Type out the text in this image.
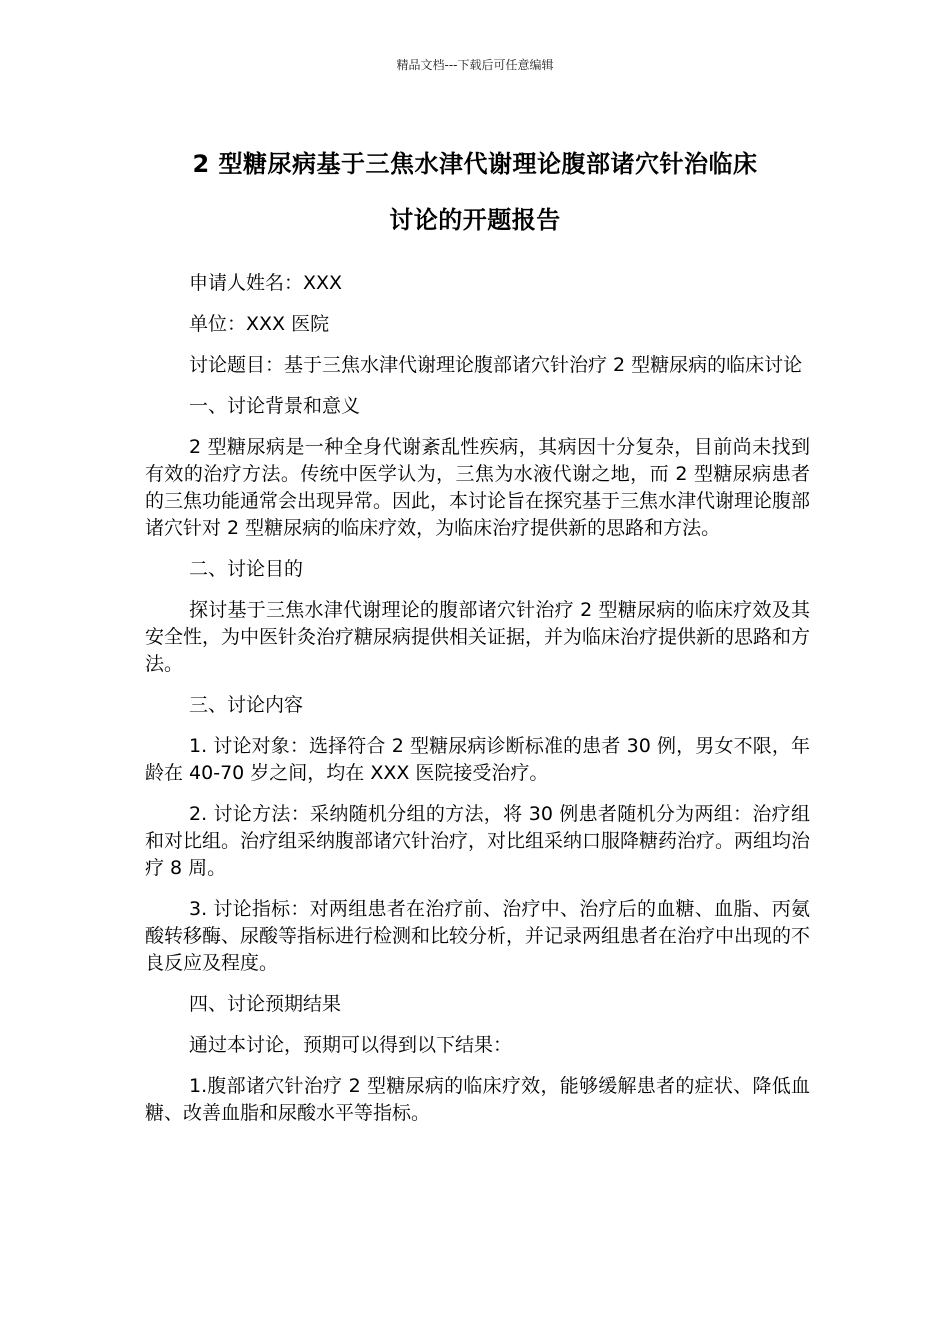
精品文档---下载后可任意编辑
2 型糖尿病基于三焦水津代谢理论腹部诸穴针治临床
讨论的开题报告

申请人姓名：XXX

单位：XXX 医院

讨论题目：基于三焦水津代谢理论腹部诸穴针治疗 2 型糖尿病的临床讨论

一、讨论背景和意义

2 型糖尿病是一种全身代谢紊乱性疾病，其病因十分复杂，目前尚未找到有效的治疗方法。传统中医学认为，三焦为水液代谢之地，而 2 型糖尿病患者的三焦功能通常会出现异常。因此，本讨论旨在探究基于三焦水津代谢理论腹部诸穴针对 2 型糖尿病的临床疗效，为临床治疗提供新的思路和方法。

二、讨论目的

探讨基于三焦水津代谢理论的腹部诸穴针治疗 2 型糖尿病的临床疗效及其安全性，为中医针灸治疗糖尿病提供相关证据，并为临床治疗提供新的思路和方法。

三、讨论内容

1. 讨论对象：选择符合 2 型糖尿病诊断标准的患者 30 例，男女不限，年龄在 40-70 岁之间，均在 XXX 医院接受治疗。

2. 讨论方法：采纳随机分组的方法，将 30 例患者随机分为两组：治疗组和对比组。治疗组采纳腹部诸穴针治疗，对比组采纳口服降糖药治疗。两组均治疗 8 周。

3. 讨论指标：对两组患者在治疗前、治疗中、治疗后的血糖、血脂、丙氨酸转移酶、尿酸等指标进行检测和比较分析，并记录两组患者在治疗中出现的不良反应及程度。

四、讨论预期结果

通过本讨论，预期可以得到以下结果：

1.腹部诸穴针治疗 2 型糖尿病的临床疗效，能够缓解患者的症状、降低血糖、改善血脂和尿酸水平等指标。
